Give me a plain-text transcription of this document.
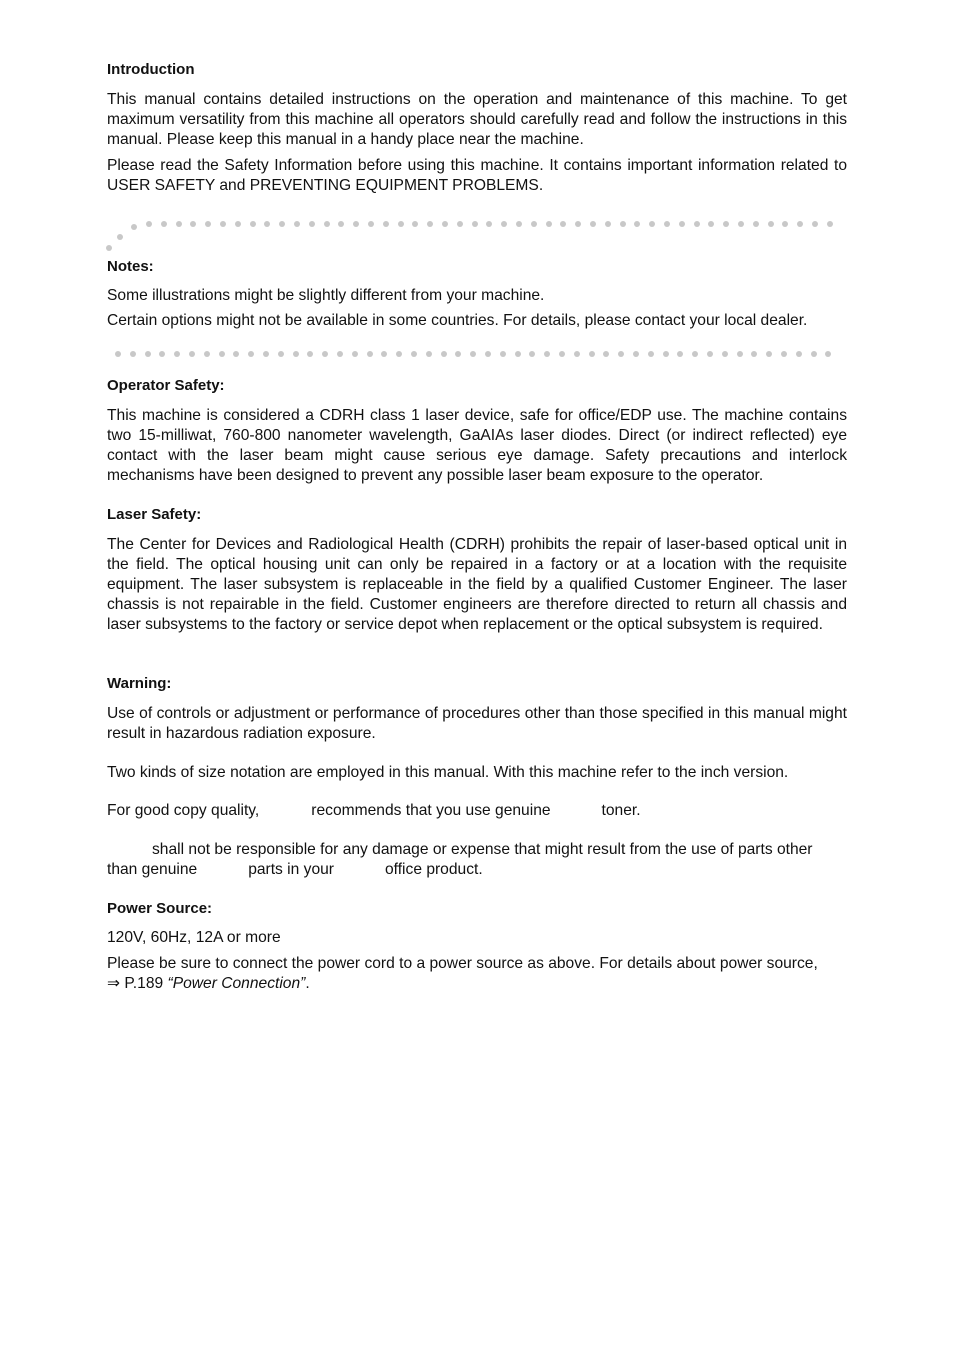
Introduction
This manual contains detailed instructions on the operation and maintenance of this machine. To get maximum versatility from this machine all operators should carefully read and follow the instructions in this manual. Please keep this manual in a handy place near the machine.
Please read the Safety Information before using this machine. It contains important information related to USER SAFETY and PREVENTING EQUIPMENT PROBLEMS.
Notes:
Some illustrations might be slightly different from your machine.
Certain options might not be available in some countries. For details, please contact your local dealer.
Operator Safety:
This machine is considered a CDRH class 1 laser device, safe for office/EDP use. The machine contains two 15-milliwat, 760-800 nanometer wavelength, GaAIAs laser diodes. Direct (or indirect reflected) eye contact with the laser beam might cause serious eye damage. Safety precautions and interlock mechanisms have been designed to prevent any possible laser beam exposure to the operator.
Laser Safety:
The Center for Devices and Radiological Health (CDRH) prohibits the repair of laser-based optical unit in the field. The optical housing unit can only be repaired in a factory or at a location with the requisite equipment. The laser subsystem is replaceable in the field by a qualified Customer Engineer. The laser chassis is not repairable in the field. Customer engineers are therefore directed to return all chassis and laser subsystems to the factory or service depot when replacement or the optical subsystem is required.
Warning:
Use of controls or adjustment or performance of procedures other than those specified in this manual might result in hazardous radiation exposure.
Two kinds of size notation are employed in this manual. With this machine refer to the inch version.
For good copy quality,	recommends that you use genuine	toner.
shall not be responsible for any damage or expense that might result from the use of parts other
than genuine	parts in your	office product.
Power Source:
120V, 60Hz, 12A or more
Please be sure to connect the power cord to a power source as above. For details about power source,
⇒ P.189 “Power Connection”.
